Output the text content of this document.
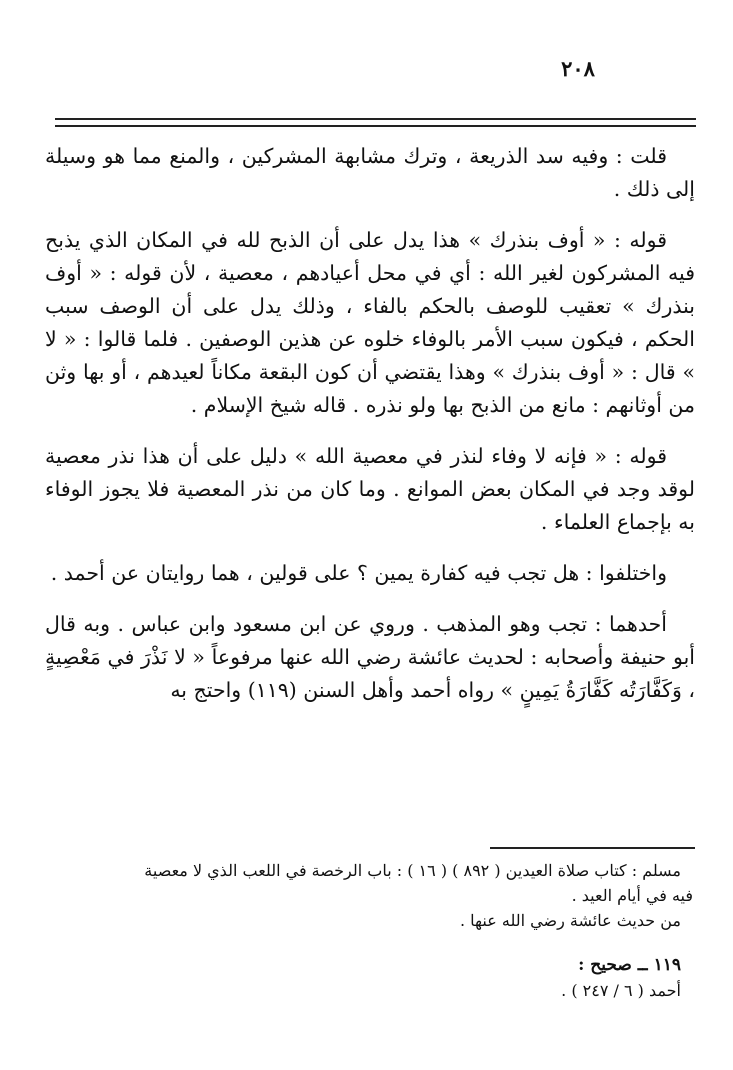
٢٠٨

قلت : وفيه سد الذريعة ، وترك مشابهة المشركين ، والمنع مما هو وسيلة إلى ذلك .

قوله : « أوف بنذرك » هذا يدل على أن الذبح لله في المكان الذي يذبح فيه المشركون لغير الله : أي في محل أعيادهم ، معصية ، لأن قوله : « أوف بنذرك » تعقيب للوصف بالحكم بالفاء ، وذلك يدل على أن الوصف سبب الحكم ، فيكون سبب الأمر بالوفاء خلوه عن هذين الوصفين . فلما قالوا : « لا » قال : « أوف بنذرك » وهذا يقتضي أن كون البقعة مكاناً لعيدهم ، أو بها وثن من أوثانهم : مانع من الذبح بها ولو نذره . قاله شيخ الإسلام .

قوله : « فإنه لا وفاء لنذر في معصية الله » دليل على أن هذا نذر معصية لوقد وجد في المكان بعض الموانع . وما كان من نذر المعصية فلا يجوز الوفاء به بإجماع العلماء .

واختلفوا : هل تجب فيه كفارة يمين ؟ على قولين ، هما روايتان عن أحمد .

أحدهما : تجب وهو المذهب . وروي عن ابن مسعود وابن عباس . وبه قال أبو حنيفة وأصحابه : لحديث عائشة رضي الله عنها مرفوعاً « لا نَذْرَ في مَعْصِيةٍ ، وَكَفَّارَتُه كَفَّارَةُ يَمِينٍ » رواه أحمد وأهل السنن (١١٩) واحتج به

مسلم : كتاب صلاة العيدين ( ٨٩٢ ) ( ١٦ ) : باب الرخصة في اللعب الذي لا معصية

فيه في أيام العيد .

من حديث عائشة رضي الله عنها .

١١٩ ــ صحيح :

أحمد ( ٦ / ٢٤٧ ) .
